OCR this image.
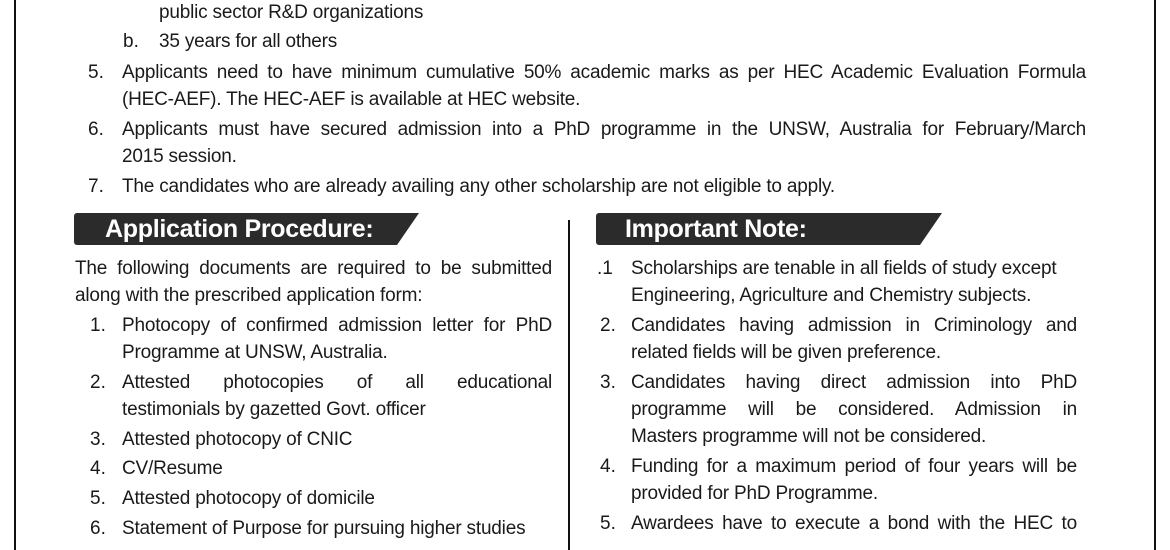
public sector R&D organizations
b. 35 years for all others
5. Applicants need to have minimum cumulative 50% academic marks as per HEC Academic Evaluation Formula
(HEC-AEF). The HEC-AEF is available at HEC website.
6. Applicants must have secured admission into a PhD programme in the UNSW, Australia for February/March
2015 session.
7. The candidates who are already availing any other scholarship are not eligible to apply.
Application Procedure:
The following documents are required to be submitted
along with the prescribed application form:
1. Photocopy of confirmed admission letter for PhD
Programme at UNSW, Australia.
2. Attested photocopies of all educational
testimonials by gazetted Govt. officer
3. Attested photocopy of CNIC
4. CV/Resume
5. Attested photocopy of domicile
6. Statement of Purpose for pursuing higher studies
Important Note:
.1 Scholarships are tenable in all fields of study except
Engineering, Agriculture and Chemistry subjects.
2. Candidates having admission in Criminology and
related fields will be given preference.
3. Candidates having direct admission into PhD
programme will be considered. Admission in
Masters programme will not be considered.
4. Funding for a maximum period of four years will be
provided for PhD Programme.
5. Awardees have to execute a bond with the HEC to
